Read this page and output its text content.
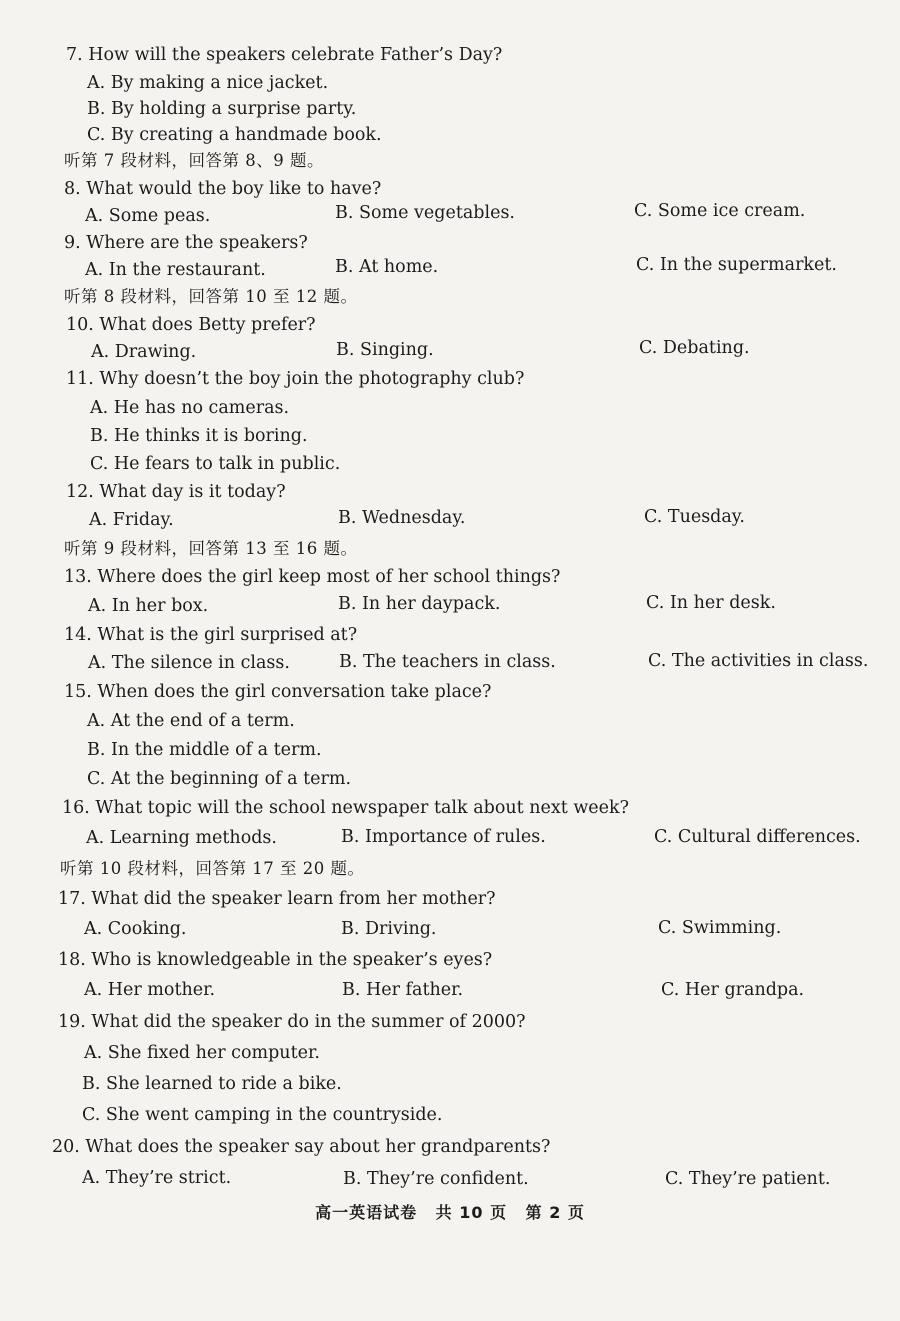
7. How will the speakers celebrate Father’s Day?
A. By making a nice jacket.
B. By holding a surprise party.
C. By creating a handmade book.
听第 7 段材料，回答第 8、9 题。
8. What would the boy like to have?
A. Some peas.	B. Some vegetables.	C. Some ice cream.
9. Where are the speakers?
A. In the restaurant.	B. At home.	C. In the supermarket.
听第 8 段材料，回答第 10 至 12 题。
10. What does Betty prefer?
A. Drawing.	B. Singing.	C. Debating.
11. Why doesn’t the boy join the photography club?
A. He has no cameras.
B. He thinks it is boring.
C. He fears to talk in public.
12. What day is it today?
A. Friday.	B. Wednesday.	C. Tuesday.
听第 9 段材料，回答第 13 至 16 题。
13. Where does the girl keep most of her school things?
A. In her box.	B. In her daypack.	C. In her desk.
14. What is the girl surprised at?
A. The silence in class.	B. The teachers in class.	C. The activities in class.
15. When does the girl conversation take place?
A. At the end of a term.
B. In the middle of a term.
C. At the beginning of a term.
16. What topic will the school newspaper talk about next week?
A. Learning methods.	B. Importance of rules.	C. Cultural differences.
听第 10 段材料，回答第 17 至 20 题。
17. What did the speaker learn from her mother?
A. Cooking.	B. Driving.	C. Swimming.
18. Who is knowledgeable in the speaker’s eyes?
A. Her mother.	B. Her father.	C. Her grandpa.
19. What did the speaker do in the summer of 2000?
A. She fixed her computer.
B. She learned to ride a bike.
C. She went camping in the countryside.
20. What does the speaker say about her grandparents?
A. They’re strict.	B. They’re confident.	C. They’re patient.
高一英语试卷 共 10 页 第 2 页
